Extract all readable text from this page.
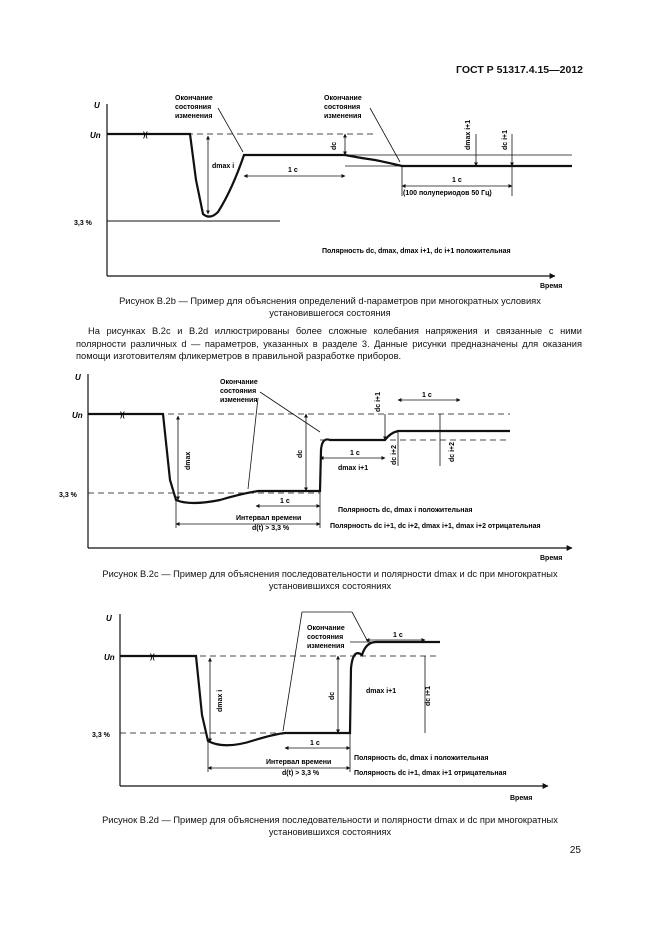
ГОСТ Р 51317.4.15—2012
U
Un
3,3 %
Время
)(
Окончание
состояния
изменения
Окончание
состояния
изменения
dmax i
dc	dmax i+1	dc i+1
1 c
1 c
(100 полупериодов 50 Гц)
Полярность dc, dmax, dmax i+1, dc i+1 положительная
Рисунок B.2b — Пример для объяснения определений d-параметров при многократных условиях
установившегося состояния
На рисунках B.2c и B.2d иллюстрированы более сложные колебания напряжения и связанные с ними полярности различных d — параметров, указанных в разделе 3. Данные рисунки предназначены для оказания помощи изготовителям фликерметров в правильной разработке приборов.
U
Un
3,3 %
Время
)(
Окончание
состояния
изменения
dmax	dc
dc i+1
dc i+2	dc i+2
dmax i+1
1 c
1 c
1 c
Интервал времени
d(t) > 3,3 %
Полярность dc, dmax i положительная
Полярность dc i+1, dc i+2, dmax i+1, dmax i+2 отрицательная
Рисунок B.2c — Пример для объяснения последовательности и полярности dmax и dc при многократных
установившихся состояниях
U
Un
3,3 %
Время
)(
Окончание
состояния
изменения
dmax i	dc
dmax i+1	dc i+1
1 c
1 c
Интервал времени
d(t) > 3,3 %
Полярность dc, dmax i положительная
Полярность dc i+1, dmax i+1 отрицательная
Рисунок B.2d — Пример для объяснения последовательности и полярности dmax и dc при многократных
установившихся состояниях
25
